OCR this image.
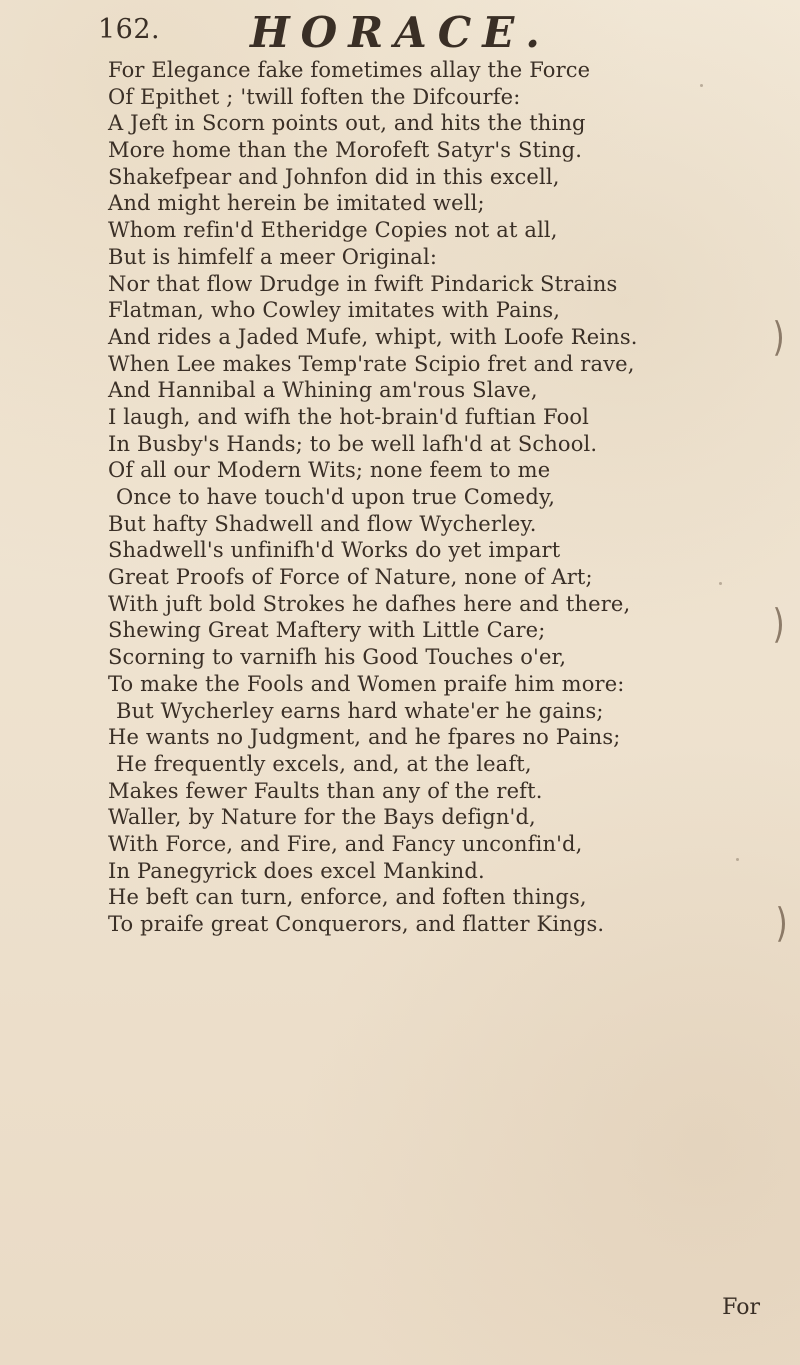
162. HORACE.
For Elegance fake fometimes allay the Force
Of Epithet ; 'twill foften the Difcourfe:
A Jeft in Scorn points out, and hits the thing
More home than the Morofeft Satyr's Sting.
Shakefpear and Johnfon did in this excell,
And might herein be imitated well;
Whom refin'd Etheridge Copies not at all,
But is himfelf a meer Original:
Nor that flow Drudge in fwift Pindarick Strains
Flatman, who Cowley imitates with Pains,
And rides a Jaded Mufe, whipt, with Loofe Reins.
When Lee makes Temp'rate Scipio fret and rave,
And Hannibal a Whining am'rous Slave,
I laugh, and wifh the hot-brain'd fuftian Fool
In Busby's Hands; to be well lafh'd at School.
Of all our Modern Wits; none feem to me
Once to have touch'd upon true Comedy,
But hafty Shadwell and flow Wycherley.
Shadwell's unfinifh'd Works do yet impart
Great Proofs of Force of Nature, none of Art;
With juft bold Strokes he dafhes here and there,
Shewing Great Maftery with Little Care;
Scorning to varnifh his Good Touches o'er,
To make the Fools and Women praife him more:
But Wycherley earns hard whate'er he gains;
He wants no Judgment, and he fpares no Pains;
He frequently excels, and, at the leaft,
Makes fewer Faults than any of the reft.
Waller, by Nature for the Bays defign'd,
With Force, and Fire, and Fancy unconfin'd,
In Panegyrick does excel Mankind.
He beft can turn, enforce, and foften things,
To praife great Conquerors, and flatter Kings.
For
⁀
⁀
⁀
